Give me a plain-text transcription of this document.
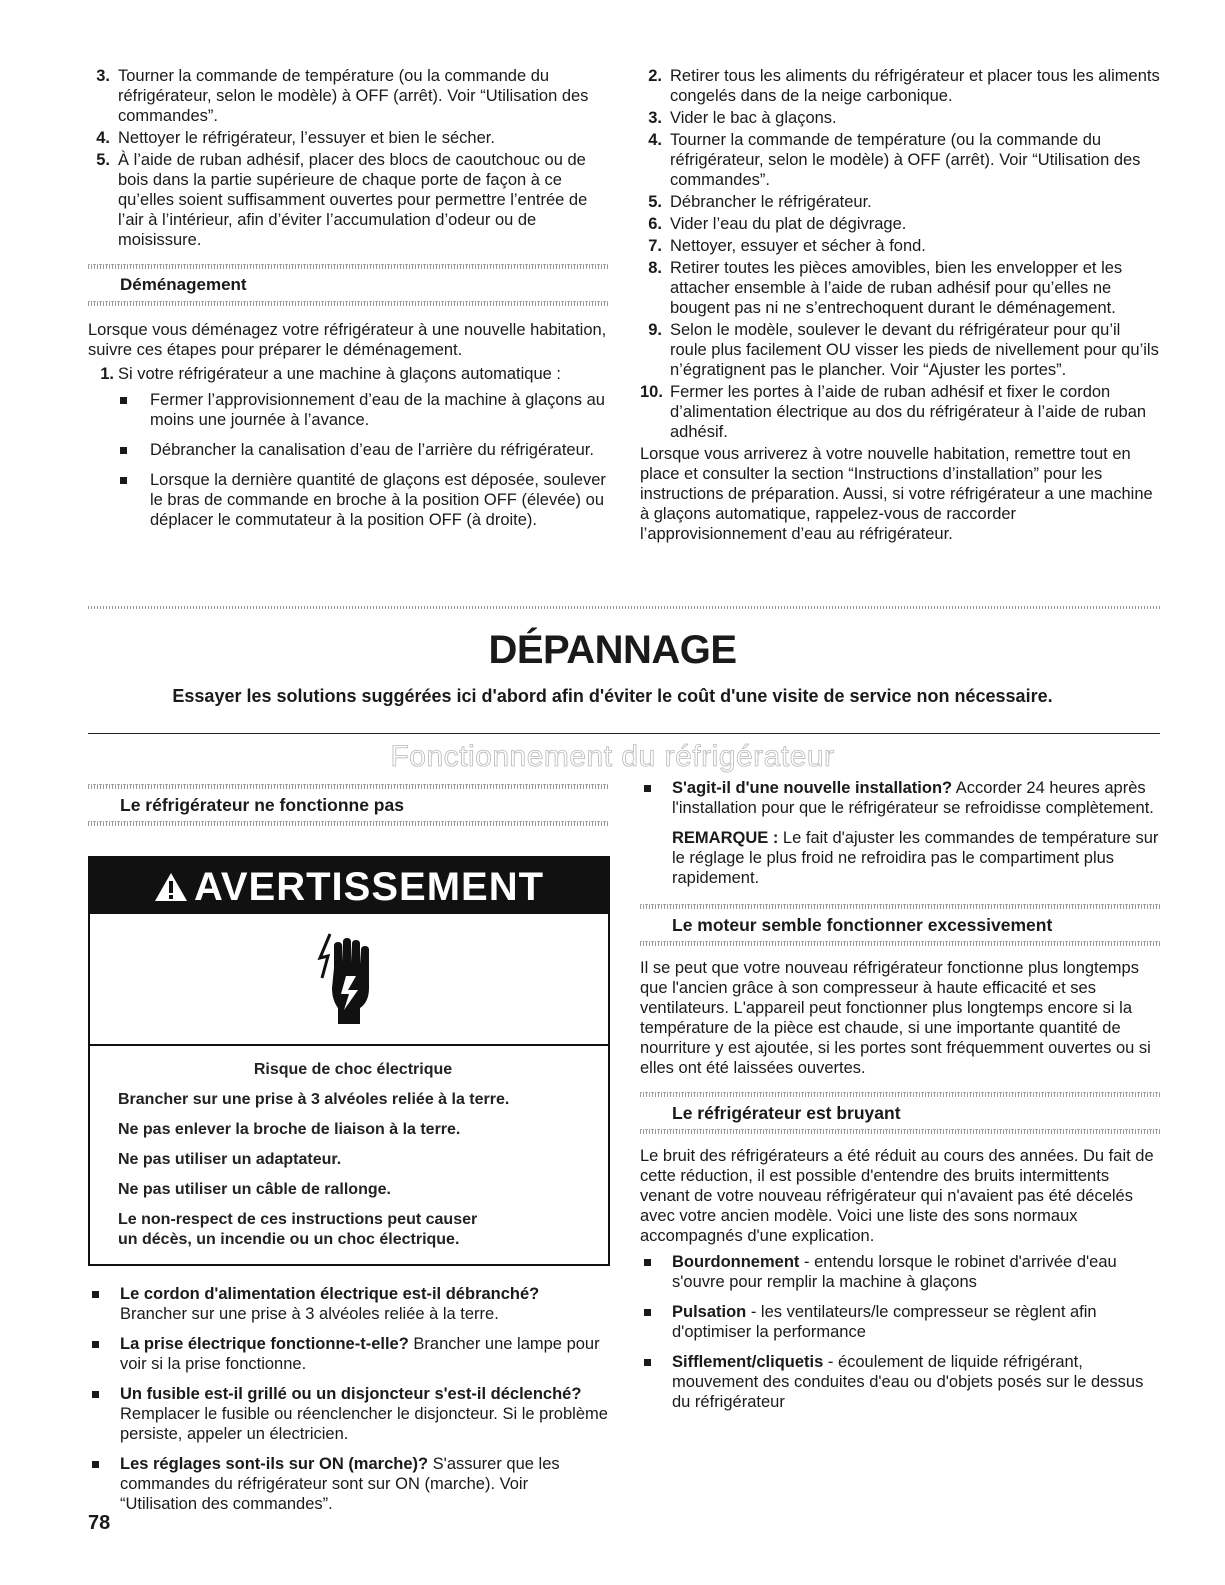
3. Tourner la commande de température (ou la commande du réfrigérateur, selon le modèle) à OFF (arrêt). Voir “Utilisation des commandes”.
4. Nettoyer le réfrigérateur, l’essuyer et bien le sécher.
5. À l’aide de ruban adhésif, placer des blocs de caoutchouc ou de bois dans la partie supérieure de chaque porte de façon à ce qu’elles soient suffisamment ouvertes pour permettre l’entrée de l’air à l’intérieur, afin d’éviter l’accumulation d’odeur ou de moisissure.
Déménagement

Lorsque vous déménagez votre réfrigérateur à une nouvelle habitation, suivre ces étapes pour préparer le déménagement.

1. Si votre réfrigérateur a une machine à glaçons automatique :
Fermer l’approvisionnement d’eau de la machine à glaçons au moins une journée à l’avance.
Débrancher la canalisation d’eau de l’arrière du réfrigérateur.
Lorsque la dernière quantité de glaçons est déposée, soulever le bras de commande en broche à la position OFF (élevée) ou déplacer le commutateur à la position OFF (à droite).
2. Retirer tous les aliments du réfrigérateur et placer tous les aliments congelés dans de la neige carbonique.
3. Vider le bac à glaçons.
4. Tourner la commande de température (ou la commande du réfrigérateur, selon le modèle) à OFF (arrêt). Voir “Utilisation des commandes”.
5. Débrancher le réfrigérateur.
6. Vider l’eau du plat de dégivrage.
7. Nettoyer, essuyer et sécher à fond.
8. Retirer toutes les pièces amovibles, bien les envelopper et les attacher ensemble à l’aide de ruban adhésif pour qu’elles ne bougent pas ni ne s’entrechoquent durant le déménagement.
9. Selon le modèle, soulever le devant du réfrigérateur pour qu’il roule plus facilement OU visser les pieds de nivellement pour qu’ils n’égratignent pas le plancher. Voir “Ajuster les portes”.
10. Fermer les portes à l’aide de ruban adhésif et fixer le cordon d’alimentation électrique au dos du réfrigérateur à l’aide de ruban adhésif.

Lorsque vous arriverez à votre nouvelle habitation, remettre tout en place et consulter la section “Instructions d’installation” pour les instructions de préparation. Aussi, si votre réfrigérateur a une machine à glaçons automatique, rappelez-vous de raccorder l’approvisionnement d’eau au réfrigérateur.

DÉPANNAGE
Essayer les solutions suggérées ici d'abord afin d'éviter le coût d'une visite de service non nécessaire.
Fonctionnement du réfrigérateur
Le réfrigérateur ne fonctionne pas
AVERTISSEMENT
Risque de choc électrique
Brancher sur une prise à 3 alvéoles reliée à la terre.
Ne pas enlever la broche de liaison à la terre.
Ne pas utiliser un adaptateur.
Ne pas utiliser un câble de rallonge.
Le non-respect de ces instructions peut causer
un décès, un incendie ou un choc électrique.
Le cordon d'alimentation électrique est-il débranché? Brancher sur une prise à 3 alvéoles reliée à la terre.
La prise électrique fonctionne-t-elle? Brancher une lampe pour voir si la prise fonctionne.
Un fusible est-il grillé ou un disjoncteur s'est-il déclenché? Remplacer le fusible ou réenclencher le disjoncteur. Si le problème persiste, appeler un électricien.
Les réglages sont-ils sur ON (marche)? S'assurer que les commandes du réfrigérateur sont sur ON (marche). Voir “Utilisation des commandes”.
S'agit-il d'une nouvelle installation? Accorder 24 heures après l'installation pour que le réfrigérateur se refroidisse complètement.

REMARQUE : Le fait d'ajuster les commandes de température sur le réglage le plus froid ne refroidira pas le compartiment plus rapidement.

Le moteur semble fonctionner excessivement

Il se peut que votre nouveau réfrigérateur fonctionne plus longtemps que l'ancien grâce à son compresseur à haute efficacité et ses ventilateurs. L'appareil peut fonctionner plus longtemps encore si la température de la pièce est chaude, si une importante quantité de nourriture y est ajoutée, si les portes sont fréquemment ouvertes ou si elles ont été laissées ouvertes.

Le réfrigérateur est bruyant

Le bruit des réfrigérateurs a été réduit au cours des années. Du fait de cette réduction, il est possible d'entendre des bruits intermittents venant de votre nouveau réfrigérateur qui n'avaient pas été décelés avec votre ancien modèle. Voici une liste des sons normaux accompagnés d'une explication.

Bourdonnement - entendu lorsque le robinet d'arrivée d'eau s'ouvre pour remplir la machine à glaçons
Pulsation - les ventilateurs/le compresseur se règlent afin d'optimiser la performance
Sifflement/cliquetis - écoulement de liquide réfrigérant, mouvement des conduites d'eau ou d'objets posés sur le dessus du réfrigérateur
78
